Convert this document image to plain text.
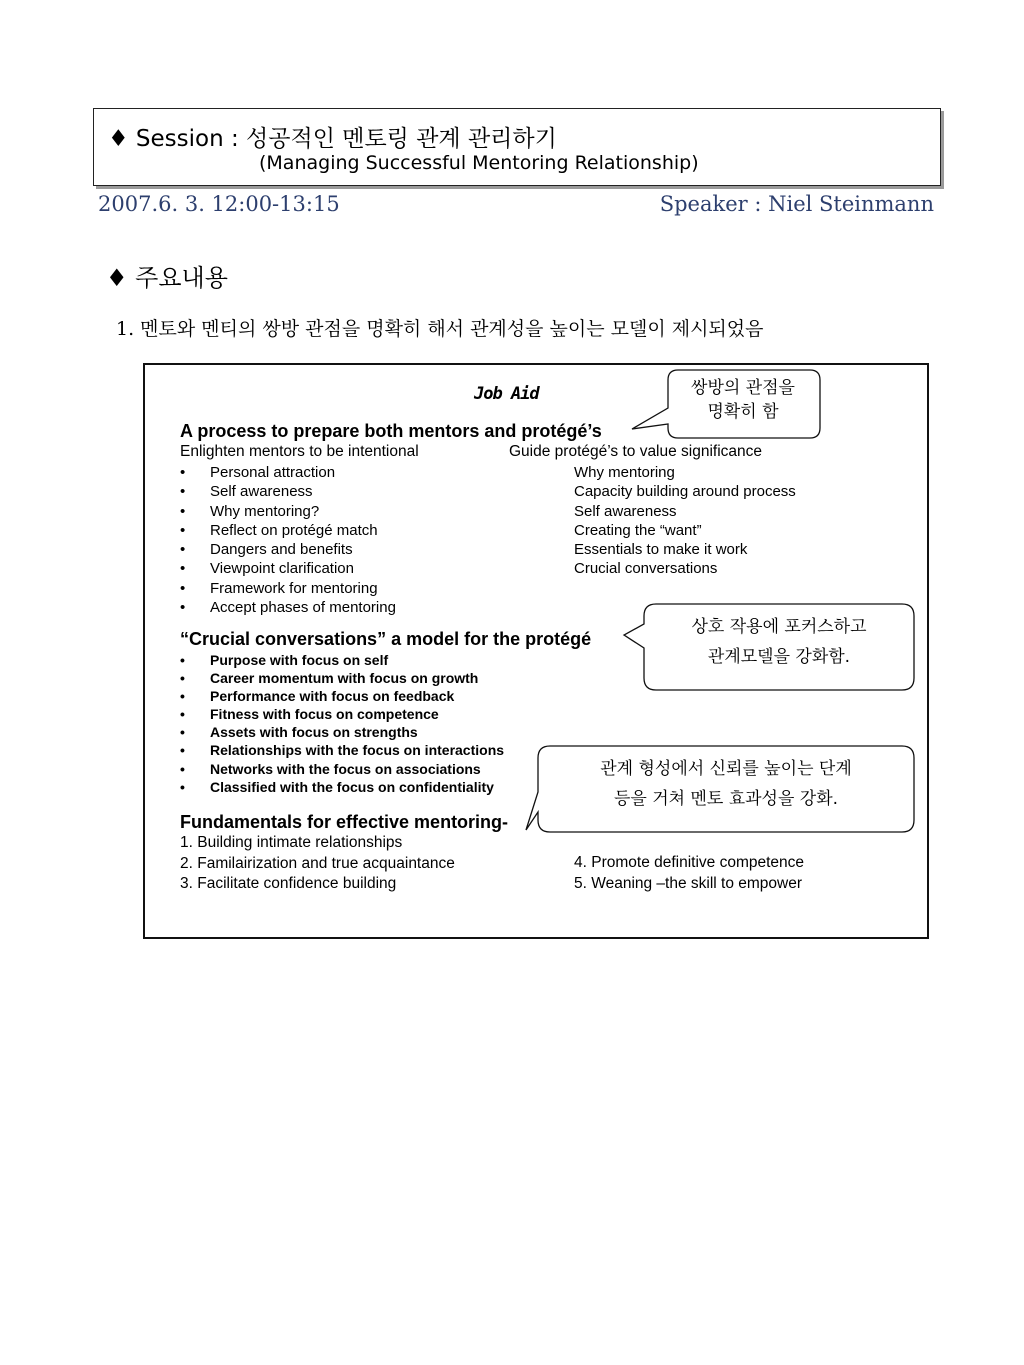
♦ Session : 성공적인 멘토링 관계 관리하기
(Managing Successful Mentoring Relationship)
2007.6. 3. 12:00-13:15	Speaker : Niel Steinmann
♦ 주요내용
1. 멘토와 멘티의 쌍방 관점을 명확히 해서 관계성을 높이는 모델이 제시되었음
Job Aid
A process to prepare both mentors and protégé’s
Enlighten mentors to be intentional	Guide protégé’s to value significance
• Personal attraction
• Self awareness
• Why mentoring?
• Reflect on protégé match
• Dangers and benefits
• Viewpoint clarification
• Framework for mentoring
• Accept phases of mentoring
Why mentoring
Capacity building around process
Self awareness
Creating the “want”
Essentials to make it work
Crucial conversations
“Crucial conversations” a model for the protégé
• Purpose with focus on self
• Career momentum with focus on growth
• Performance with focus on feedback
• Fitness with focus on competence
• Assets with focus on strengths
• Relationships with the focus on interactions
• Networks with the focus on associations
• Classified with the focus on confidentiality
Fundamentals for effective mentoring-
1. Building intimate relationships
2. Familairization and true acquaintance
3. Facilitate confidence building
4. Promote definitive competence
5. Weaning –the skill to empower
쌍방의 관점을
명확히 함
상호 작용에 포커스하고
관계모델을 강화함.
관계 형성에서 신뢰를 높이는 단계
등을 거쳐 멘토 효과성을 강화.
